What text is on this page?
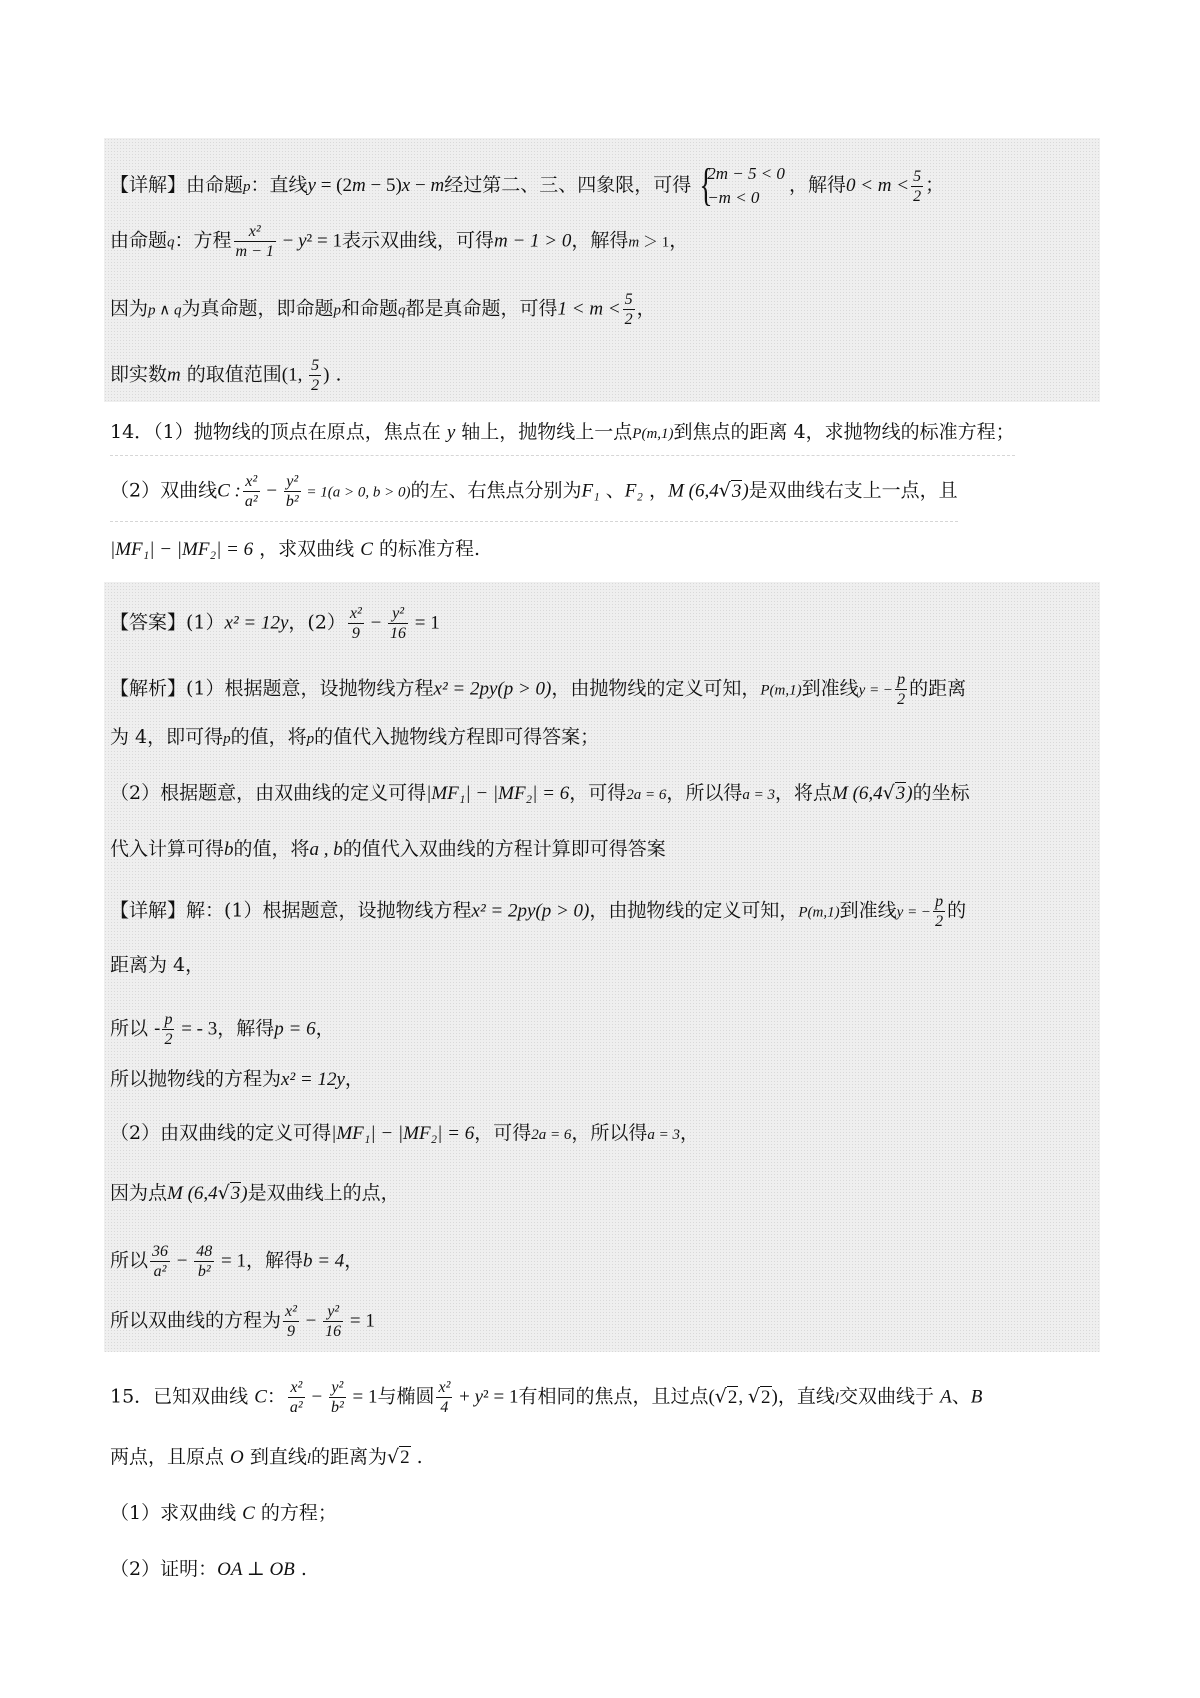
【详解】由命题p：直线y = (2m − 5)x − m经过第二、三、四象限，可得 {
2m − 5 < 0
−m < 0
，解得$0 < m < \frac{5}{2}$ ；
由命题q：方程 $\frac{\text{x²}}{m - 1} - y^2 = 1$表示双曲线，可得m − 1 > 0，解得m ＞ 1，
因为p ∧ q为真命题，即命题p和命题q都是真命题，可得$1 < m < \frac{5}{2}$ ，
即实数m 的取值范围(1, $\frac{5}{2}$ ) .
14．（1）抛物线的顶点在原点，焦点在 y 轴上，抛物线上一点P(m,1)到焦点的距离 4，求抛物线的标准方程；
（2）双曲线C : $\frac{\text{x²}}{\text{a²}} - \frac{\text{y²}}{\text{b²}} = 1(a > 0$, b > 0)的左、右焦点分别为F₁ 、F₂ ，M (6,4√3)是双曲线右支上一点，且
|MF₁| − |MF₂| = 6 ，求双曲线 C 的标准方程.
【答案】(1）x² = 12y，$(2) \frac{\text{x²}}{9} - \frac{\text{y²}}{16} = 1$
【解析】(1）根据题意，设抛物线方程x² = 2py(p > 0)，由抛物线的定义可知，P(m,1)到准线y = − $\frac{p}{2}$ 的距离
为 4，即可得p的值，将p的值代入抛物线方程即可得答案；
（2）根据题意，由双曲线的定义可得|MF₁| − |MF₂| = 6，可得2a = 6，所以得a = 3，将点M (6,4√3)的坐标
代入计算可得b的值，将a , b的值代入双曲线的方程计算即可得答案
【详解】解：(1）根据题意，设抛物线方程x² = 2py(p > 0)，由抛物线的定义可知，P(m,1)到准线y = − $\frac{p}{2}$ 的
距离为 4，
所以 - $\frac{p}{2}$ = - 3，解得p = 6，
所以抛物线的方程为x² = 12y，
（2）由双曲线的定义可得|MF₁| − |MF₂| = 6，可得2a = 6，所以得a = 3，
因为点M (6,4√3)是双曲线上的点，
所以 $\frac{36}{\text{a²}} - \frac{48}{\text{b²}} = 1$，解得b = 4，
所以双曲线的方程为 $\frac{\text{x²}}{9} - \frac{\text{y²}}{16} = 1$
15．已知双曲线 C： $\frac{\text{x²}}{\text{a²}} - \frac{\text{y²}}{\text{b²}} = 1$与椭圆 $\frac{\text{x²}}{4} + y^2 = 1$有相同的焦点，且过点(√2, √2)，直线l交双曲线于 A、B
两点，且原点 O 到直线l的距离为√2 .
（1）求双曲线 C 的方程；
（2）证明：OA ⊥ OB .
